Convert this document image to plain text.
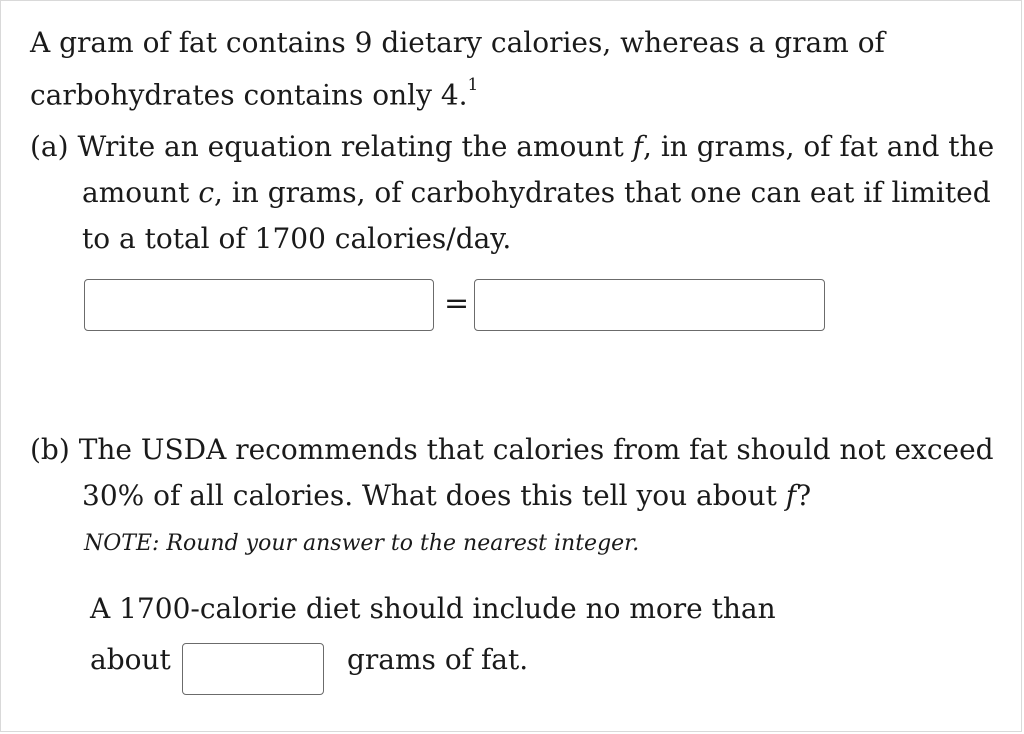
A gram of fat contains 9 dietary calories, whereas a gram of
carbohydrates contains only 4.$^1$
(a) Write an equation relating the amount f, in grams, of fat and the
amount c, in grams, of carbohydrates that one can eat if limited
to a total of 1700 calories/day.
=
(b) The USDA recommends that calories from fat should not exceed
30% of all calories. What does this tell you about f?
NOTE: Round your answer to the nearest integer.
A 1700-calorie diet should include no more than
about	grams of fat.
